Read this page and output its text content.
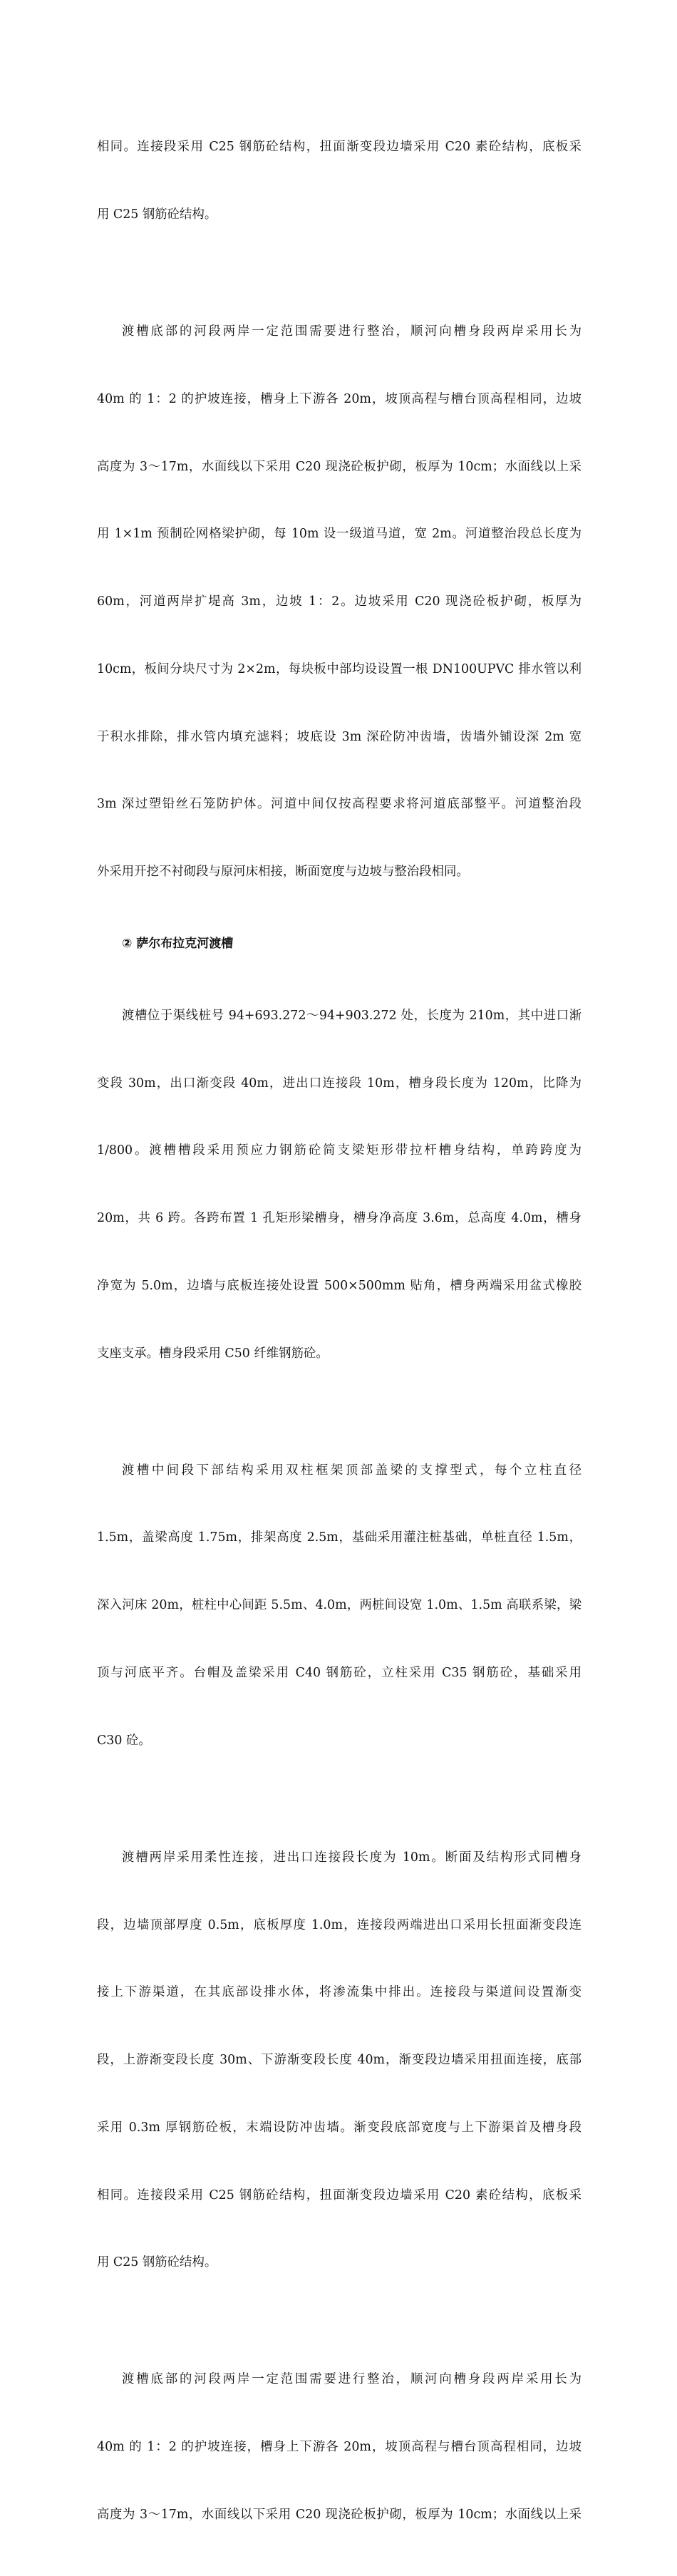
相同。连接段采用 C25 钢筋砼结构，扭面渐变段边墙采用 C20 素砼结构，底板采

用 C25 钢筋砼结构。

渡槽底部的河段两岸一定范围需要进行整治，顺河向槽身段两岸采用长为

40m 的 1：2 的护坡连接，槽身上下游各 20m，坡顶高程与槽台顶高程相同，边坡

高度为 3～17m，水面线以下采用 C20 现浇砼板护砌，板厚为 10cm；水面线以上采

用 1×1m 预制砼网格梁护砌，每 10m 设一级道马道，宽 2m。河道整治段总长度为

60m，河道两岸扩堤高 3m，边坡 1：2。边坡采用 C20 现浇砼板护砌，板厚为

10cm，板间分块尺寸为 2×2m，每块板中部均设设置一根 DN100UPVC 排水管以利

于积水排除，排水管内填充滤料；坡底设 3m 深砼防冲齿墙，齿墙外铺设深 2m 宽

3m 深过塑铅丝石笼防护体。河道中间仅按高程要求将河道底部整平。河道整治段

外采用开挖不衬砌段与原河床相接，断面宽度与边坡与整治段相同。

② 萨尔布拉克河渡槽

渡槽位于渠线桩号 94+693.272～94+903.272 处，长度为 210m，其中进口渐

变段 30m，出口渐变段 40m，进出口连接段 10m，槽身段长度为 120m，比降为

1/800。渡槽槽段采用预应力钢筋砼简支梁矩形带拉杆槽身结构，单跨跨度为

20m，共 6 跨。各跨布置 1 孔矩形梁槽身，槽身净高度 3.6m，总高度 4.0m，槽身

净宽为 5.0m，边墙与底板连接处设置 500×500mm 贴角，槽身两端采用盆式橡胶

支座支承。槽身段采用 C50 纤维钢筋砼。

渡槽中间段下部结构采用双柱框架顶部盖梁的支撑型式，每个立柱直径

1.5m，盖梁高度 1.75m，排架高度 2.5m，基础采用灌注桩基础，单桩直径 1.5m，

深入河床 20m，桩柱中心间距 5.5m、4.0m，两桩间设宽 1.0m、1.5m 高联系梁，梁

顶与河底平齐。台帽及盖梁采用 C40 钢筋砼，立柱采用 C35 钢筋砼，基础采用

C30 砼。

渡槽两岸采用柔性连接，进出口连接段长度为 10m。断面及结构形式同槽身

段，边墙顶部厚度 0.5m，底板厚度 1.0m，连接段两端进出口采用长扭面渐变段连

接上下游渠道，在其底部设排水体，将渗流集中排出。连接段与渠道间设置渐变

段，上游渐变段长度 30m、下游渐变段长度 40m，渐变段边墙采用扭面连接，底部

采用 0.3m 厚钢筋砼板，末端设防冲齿墙。渐变段底部宽度与上下游渠首及槽身段

相同。连接段采用 C25 钢筋砼结构，扭面渐变段边墙采用 C20 素砼结构，底板采

用 C25 钢筋砼结构。

渡槽底部的河段两岸一定范围需要进行整治，顺河向槽身段两岸采用长为

40m 的 1：2 的护坡连接，槽身上下游各 20m，坡顶高程与槽台顶高程相同，边坡

高度为 3～17m，水面线以下采用 C20 现浇砼板护砌，板厚为 10cm；水面线以上采
